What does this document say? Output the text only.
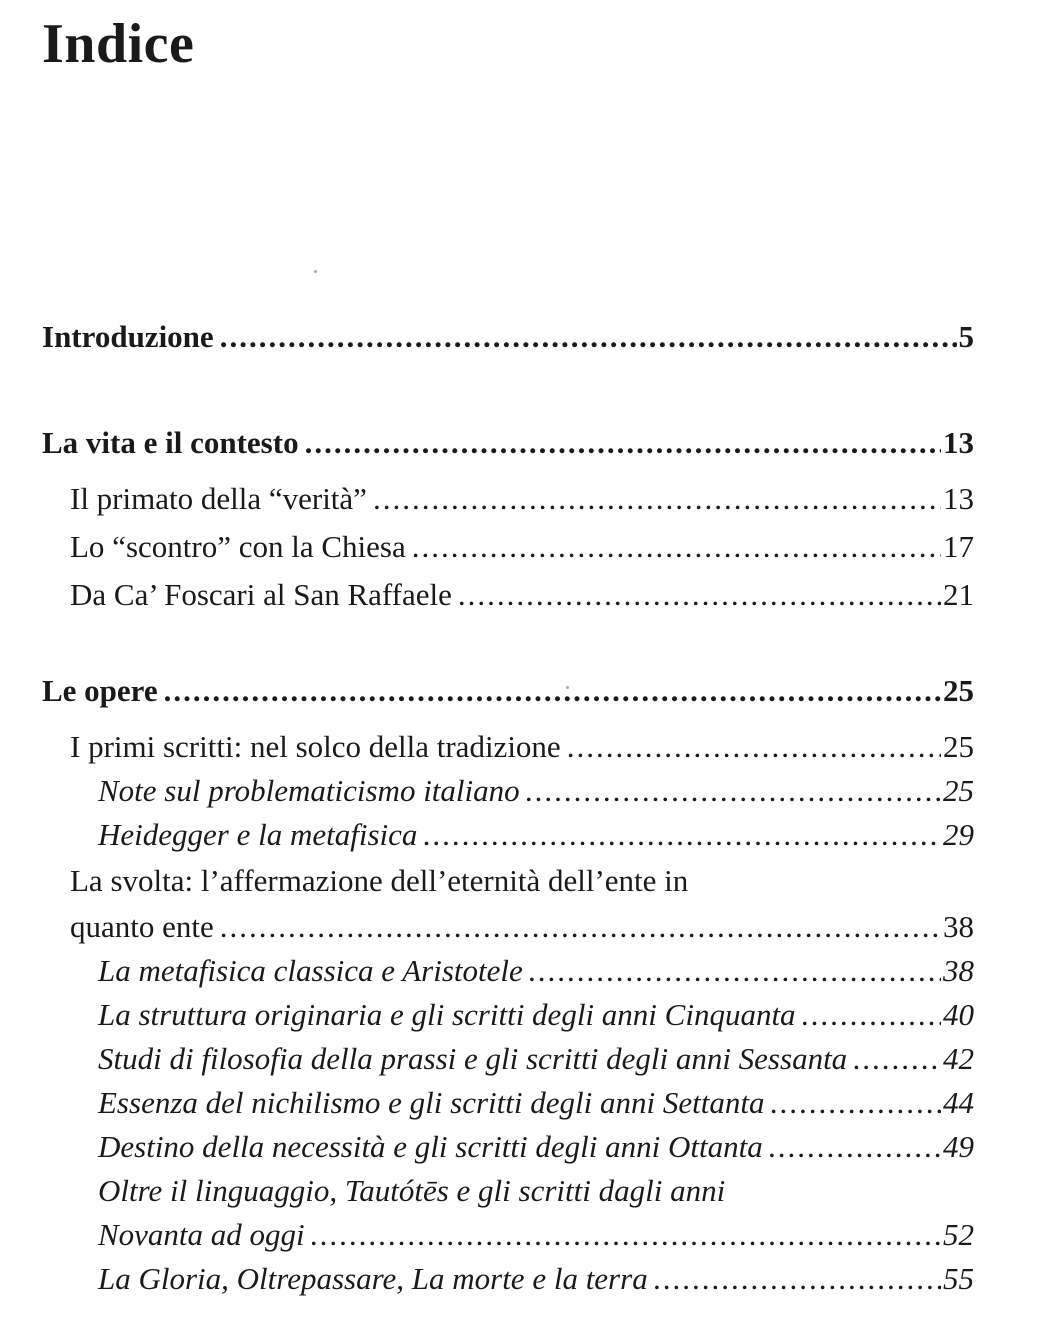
Indice
Introduzione .....	5
La vita e il contesto .....	13
Il primato della “verità” .....	13
Lo “scontro” con la Chiesa .....	17
Da Ca’ Foscari al San Raffaele .....	21
Le opere .....	25
I primi scritti: nel solco della tradizione .....	25
Note sul problematicismo italiano .....	25
Heidegger e la metafisica .....	29
La svolta: l’affermazione dell’eternità dell’ente in
quanto ente .....	38
La metafisica classica e Aristotele .....	38
La struttura originaria e gli scritti degli anni Cinquanta .....	40
Studi di filosofia della prassi e gli scritti degli anni Sessanta .....	42
Essenza del nichilismo e gli scritti degli anni Settanta .....	44
Destino della necessità e gli scritti degli anni Ottanta .....	49
Oltre il linguaggio, Tautótēs e gli scritti dagli anni
Novanta ad oggi .....	52
La Gloria, Oltrepassare, La morte e la terra .....	55
